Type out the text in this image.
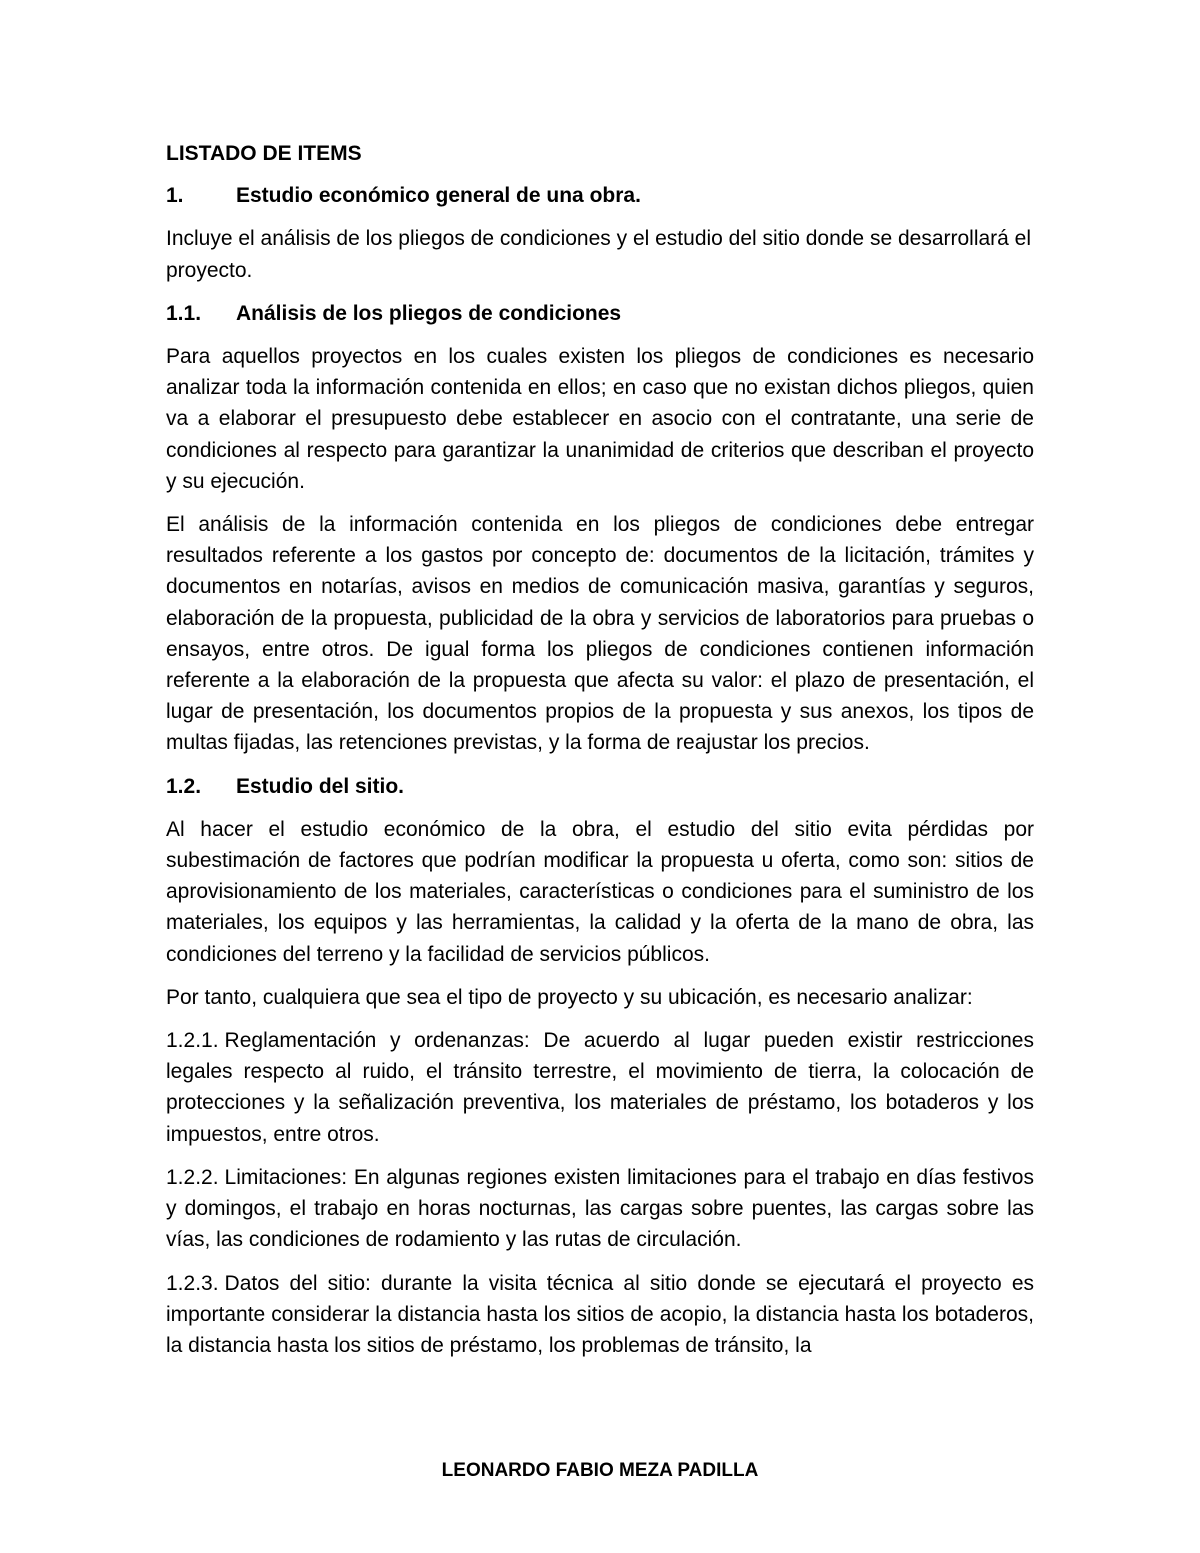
LISTADO DE ITEMS
1.	Estudio económico general de una obra.

Incluye el análisis de los pliegos de condiciones y el estudio del sitio donde se desarrollará el proyecto.

1.1.	Análisis de los pliegos de condiciones

Para aquellos proyectos en los cuales existen los pliegos de condiciones es necesario analizar toda la información contenida en ellos; en caso que no existan dichos pliegos, quien va a elaborar el presupuesto debe establecer en asocio con el contratante, una serie de condiciones al respecto para garantizar la unanimidad de criterios que describan el proyecto y su ejecución.

El análisis de la información contenida en los pliegos de condiciones debe entregar resultados referente a los gastos por concepto de: documentos de la licitación, trámites y documentos en notarías, avisos en medios de comunicación masiva, garantías y seguros, elaboración de la propuesta, publicidad de la obra y servicios de laboratorios para pruebas o ensayos, entre otros. De igual forma los pliegos de condiciones contienen información referente a la elaboración de la propuesta que afecta su valor: el plazo de presentación, el lugar de presentación, los documentos propios de la propuesta y sus anexos, los tipos de multas fijadas, las retenciones previstas, y la forma de reajustar los precios.

1.2.	Estudio del sitio.

Al hacer el estudio económico de la obra, el estudio del sitio evita pérdidas por subestimación de factores que podrían modificar la propuesta u oferta, como son: sitios de aprovisionamiento de los materiales, características o condiciones para el suministro de los materiales, los equipos y las herramientas, la calidad y la oferta de la mano de obra, las condiciones del terreno y la facilidad de servicios públicos.

Por tanto, cualquiera que sea el tipo de proyecto y su ubicación, es necesario analizar:

1.2.1. Reglamentación y ordenanzas: De acuerdo al lugar pueden existir restricciones legales respecto al ruido, el tránsito terrestre, el movimiento de tierra, la colocación de protecciones y la señalización preventiva, los materiales de préstamo, los botaderos y los impuestos, entre otros.

1.2.2. Limitaciones: En algunas regiones existen limitaciones para el trabajo en días festivos y domingos, el trabajo en horas nocturnas, las cargas sobre puentes, las cargas sobre las vías, las condiciones de rodamiento y las rutas de circulación.

1.2.3. Datos del sitio: durante la visita técnica al sitio donde se ejecutará el proyecto es importante considerar la distancia hasta los sitios de acopio, la distancia hasta los botaderos, la distancia hasta los sitios de préstamo, los problemas de tránsito, la

LEONARDO FABIO MEZA PADILLA
